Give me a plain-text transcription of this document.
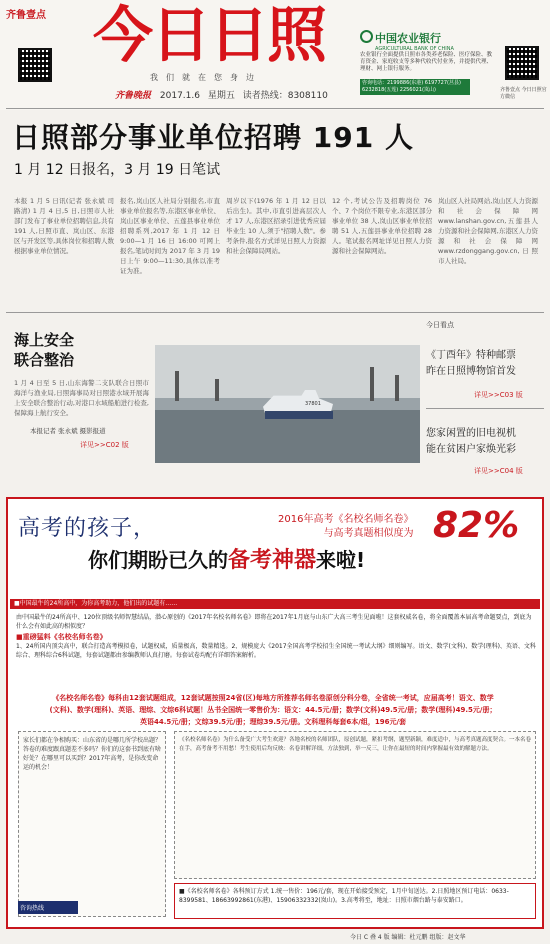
齐鲁壹点 今日日照
我们就在您身边
齐鲁晚报 2017.1.6 星期五 读者热线：8308110
中国农业银行
AGRICULTURAL BANK OF CHINA
农业银行全面提供日照市各类养老保险、医疗保险、教育资金、家庭收支等多种代收代付业务，并提供代理、理财、网上银行服务。
咨询电话：2199886(东港) 6197727(莒县) 6232818(五莲) 2256021(岚山)	齐鲁壹点 今日日照官方微信
日照部分事业单位招聘 191 人
1 月 12 日报名，3 月 19 日笔试
本报 1 月 5 日讯(记者 张永斌 司路清) 1 月 4 日,5 日,日照市人社部门发布了事业单位招聘信息,共有 191 人,日照市直、岚山区、东港区与开发区等,具体岗位和招聘人数根据事业单位情况。
报名,岚山区人社局分别报名,市直事业单位报名等,东港区事业单位、岚山区事业单位、五莲县事业单位招聘系列,2017 年 1 月 12 日 9:00—1 月 16 日 16:00 可网上报名,笔试时间为 2017 年 3 月 19 日上午 9:00—11:30,具体以准考证为准。
周岁以下(1976 年 1 月 12 日以后出生)。其中,市直引进高层次人才 17 人,东港区招录引进优秀应届毕业生 10 人,须于"招聘人数"。参考条件,报名方式详见日照人力资源和社会保障局网站。
12 个,考试公告及招聘岗位 76 个、7 个岗位不限专业,东港区部分事业单位 38 人,岚山区事业单位招聘 51 人,五莲县事业单位招聘 28 人。笔试报名网址详见日照人力资源和社会保障网站。
岚山区人社局网站,岚山区人力资源和社会保障网 www.lanshan.gov.cn,五莲县人力资源和社会保障网,东港区人力资源和社会保障网 www.rzdonggang.gov.cn,日照市人社局。
海上安全
联合整治
1 月 4 日至 5 日,山东海警二支队联合日照市海洋与渔业局,日照海事局对日照港水域开展海上安全联合整治行动,对港口水域船舶进行检查,保障海上航行安全。
本报记者 张永斌 摄影报道
详见>>C02 版
37801
今日看点
《丁酉年》特种邮票
昨在日照博物馆首发
详见>>C03 版
您家闲置的旧电视机
能在贫困户家焕光彩
详见>>C04 版
高考的孩子，
你们期盼已久的备考神器来啦!
2016年高考《名校名师名卷》
与高考真题相似度为 82%
■中国最牛的24所高中，为你高考助力，他们出的试题有……
由中国最牛的24所高中、120位顶级名师智慧结晶，潜心原创的《2017年名校名师名卷》即将在2017年1月底与山东广大高三考生见面啦！这套权威名卷，将全面覆盖本届高考命题要点，到底为什么会有如此高的相似度？
■重磅猛料《名校名师名卷》
1、24所国内顶尖高中，联合打造高考模拟卷，试题权威，质量极高，数量精选。2、规模庞大《2017全国高考学校招生全国统一考试大纲》细则编写。语文、数学(文科)、数学(理科)、英语、文科综合、理科综合6科试题，每套试题都由参编教师认真打磨。每套试卷均配有详细答案解析。
《名校名师名卷》每科由12套试题组成，12套试题按照24省(区)每地方所推荐名师名卷原创分科分卷，全省统一考试，应届高考！语文、数学(文科)、数学(理科)、英语、理综、文综6科试题！丛书全国统一零售价为：语文：44.5元/册；数学(文科)49.5元/册；数学(理科)49.5元/册；英语44.5元/册；文综39.5元/册；理综39.5元/册。文科理科每套6本/组，196元/套
家长们都在争相购买：山东省的是哪几所学校出题？答卷的难度跟真题差不多吗？你们的这套书到底有啥好处？在哪里可以买到？2017年高考，是你改变命运的机会！
咨询热线
《名校名师名卷》为什么备受广大考生欢迎？各地名校的名师团队，原创试题，紧扣考纲，题型新颖，难度适中，与高考真题高度契合。一本名卷在手，高考备考不用愁！考生使用后均反映：名卷讲解详细，方法独到，举一反三，让你在最短的时间内掌握最有效的解题方法。
■《名校名师名卷》各科预订方式 1.统一售价：196元/套，现在开始接受预定，1月中旬送达。2.日照地区预订电话：0633-8399581、18663992861(东港)、15906332332(岚山)。3.高考将至，地址：日照市烟台路与泰安路口。
今日 C 叠 4 版 编辑：杜元鹏 组版：赵文华
